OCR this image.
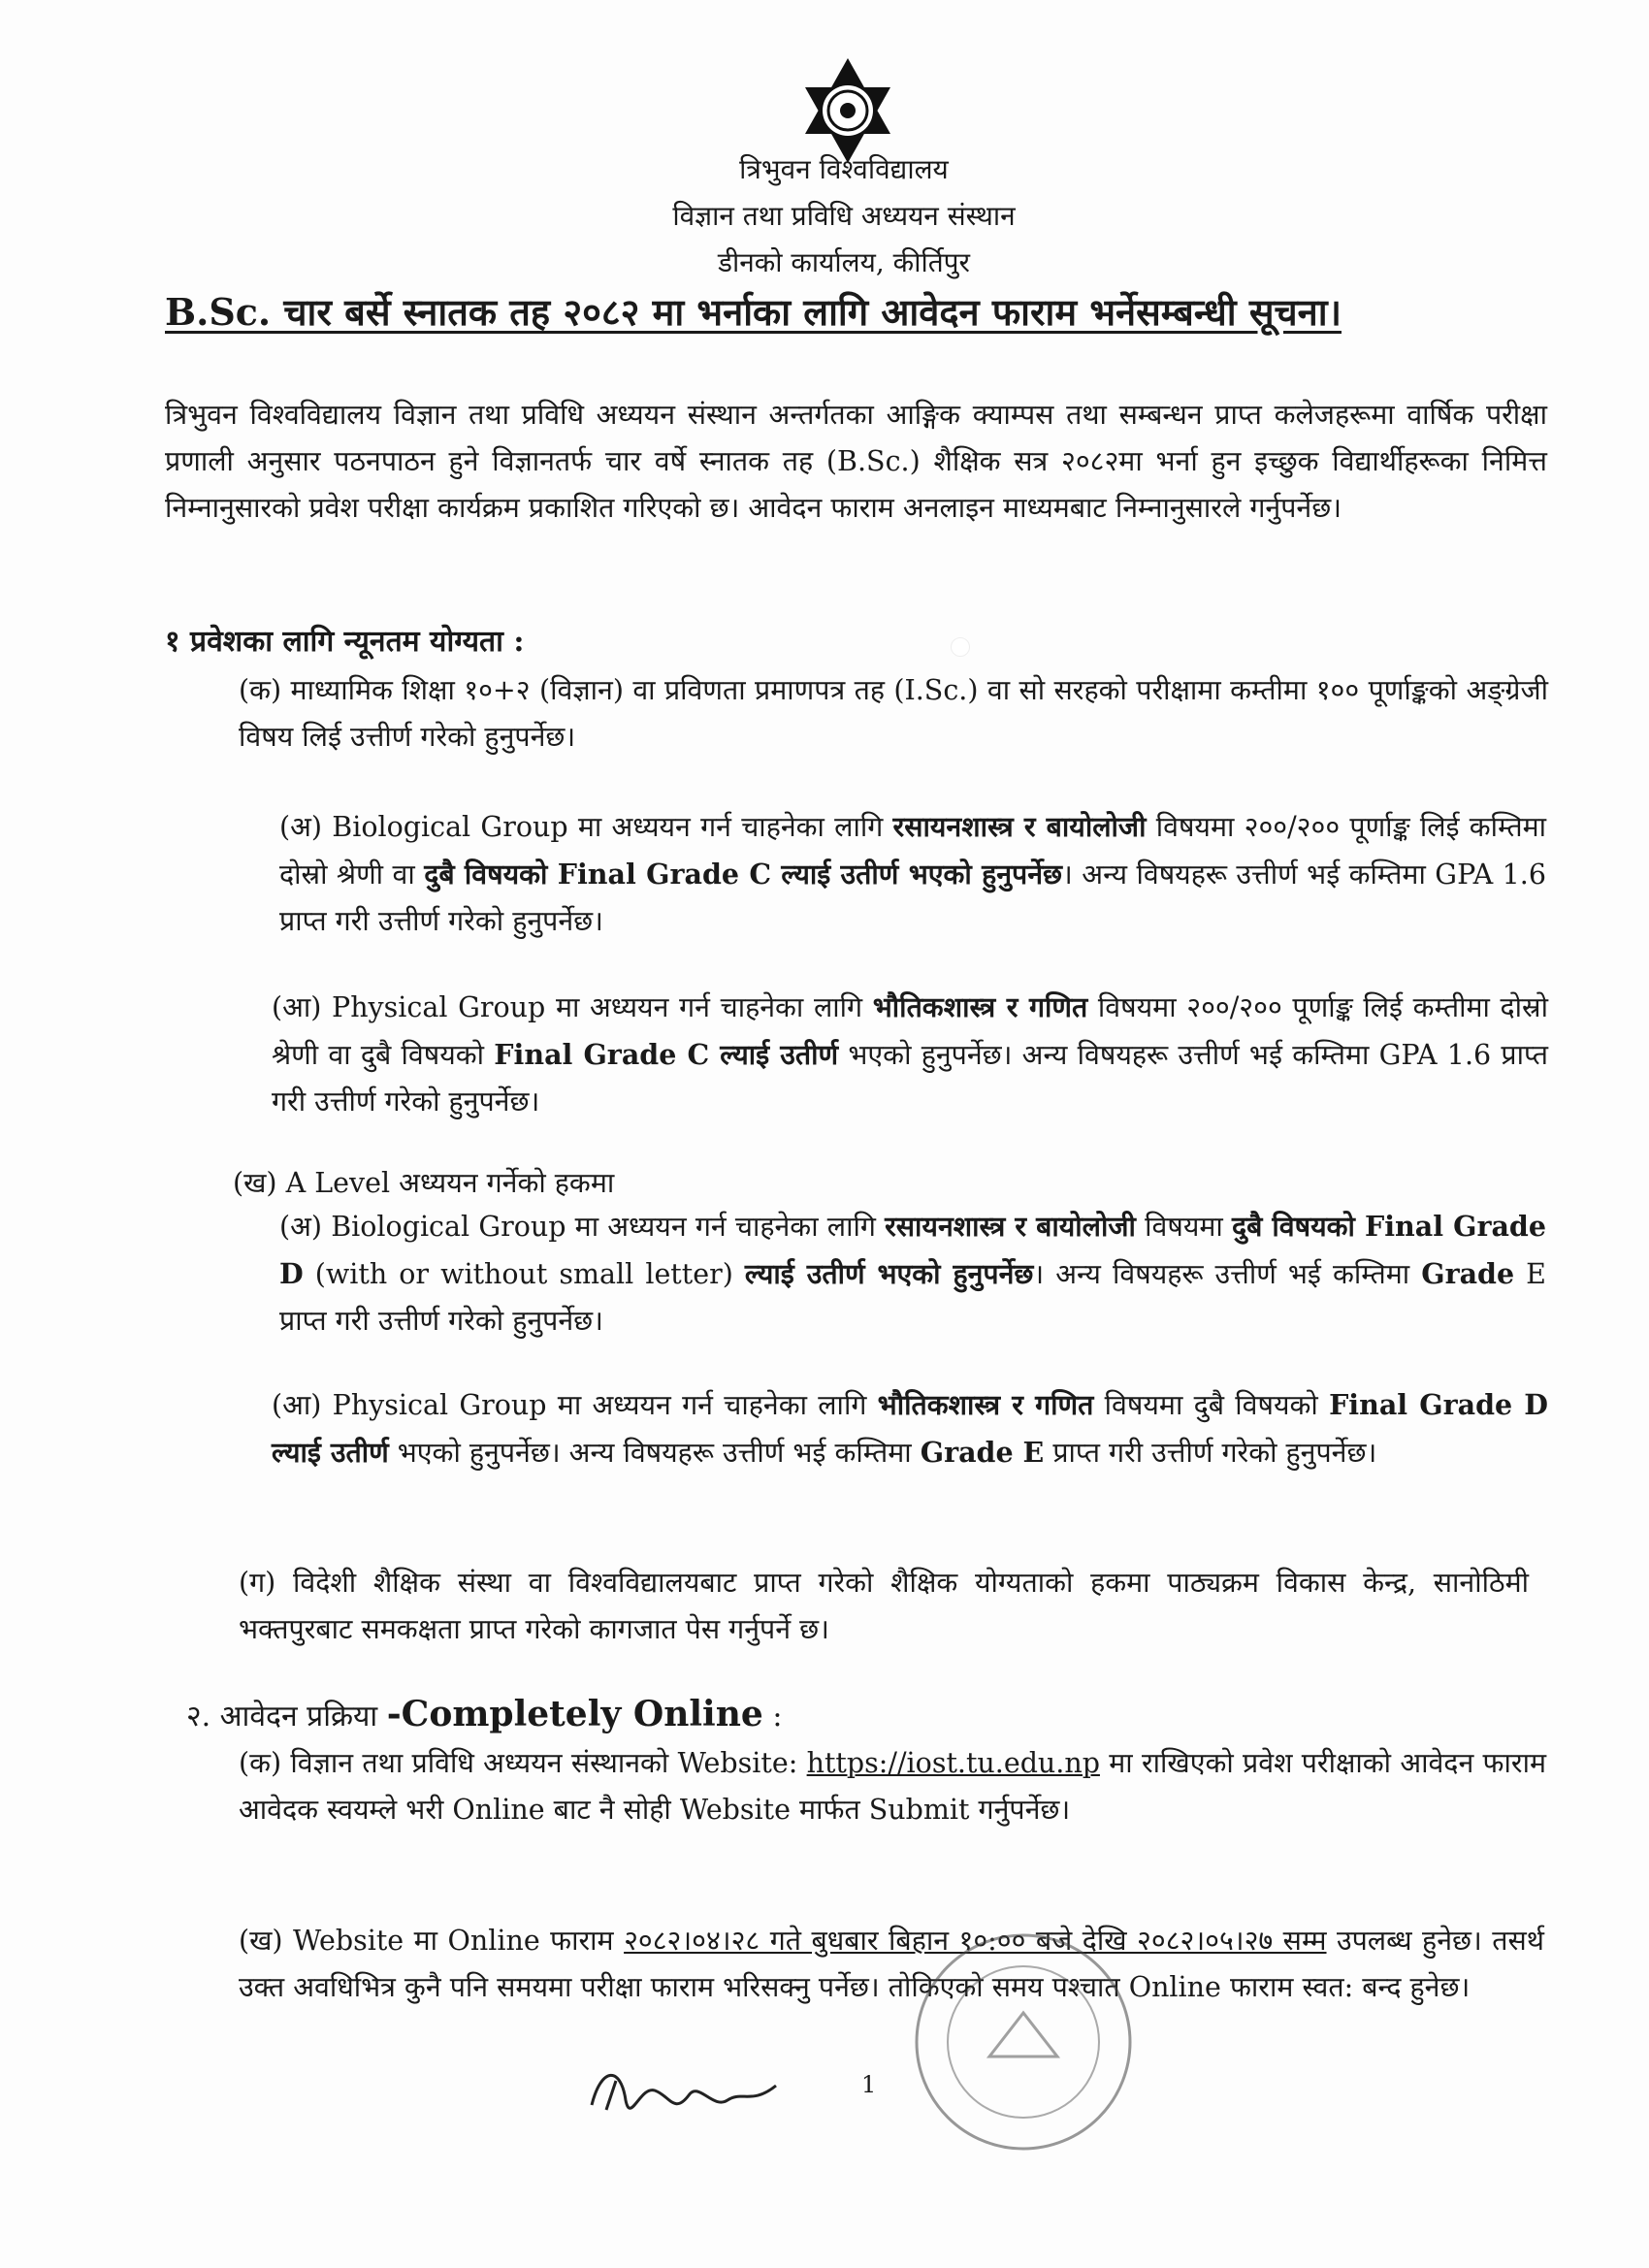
त्रिभुवन विश्वविद्यालय
विज्ञान तथा प्रविधि अध्ययन संस्थान
डीनको कार्यालय, कीर्तिपुर
B.Sc. चार बर्से स्नातक तह २०८२ मा भर्नाका लागि आवेदन फाराम भर्नेसम्बन्धी सूचना।
त्रिभुवन विश्वविद्यालय विज्ञान तथा प्रविधि अध्ययन संस्थान अन्तर्गतका आङ्गिक क्याम्पस तथा सम्बन्धन प्राप्त कलेजहरूमा वार्षिक परीक्षा प्रणाली अनुसार पठनपाठन हुने विज्ञानतर्फ चार वर्षे स्नातक तह (B.Sc.) शैक्षिक सत्र २०८२मा भर्ना हुन इच्छुक विद्यार्थीहरूका निमित्त निम्नानुसारको प्रवेश परीक्षा कार्यक्रम प्रकाशित गरिएको छ। आवेदन फाराम अनलाइन माध्यमबाट निम्नानुसारले गर्नुपर्नेछ।
१ प्रवेशका लागि न्यूनतम योग्यता :
(क) माध्यामिक शिक्षा १०+२ (विज्ञान) वा प्रविणता प्रमाणपत्र तह (I.Sc.) वा सो सरहको परीक्षामा कम्तीमा १०० पूर्णाङ्कको अङ्ग्रेजी विषय लिई उत्तीर्ण गरेको हुनुपर्नेछ।
(अ) Biological Group मा अध्ययन गर्न चाहनेका लागि रसायनशास्त्र र बायोलोजी विषयमा २००/२०० पूर्णाङ्क लिई कम्तिमा दोस्रो श्रेणी वा दुबै विषयको Final Grade C ल्याई उतीर्ण भएको हुनुपर्नेछ। अन्य विषयहरू उत्तीर्ण भई कम्तिमा GPA 1.6 प्राप्त गरी उत्तीर्ण गरेको हुनुपर्नेछ।
(आ) Physical Group मा अध्ययन गर्न चाहनेका लागि भौतिकशास्त्र र गणित विषयमा २००/२०० पूर्णाङ्क लिई कम्तीमा दोस्रो श्रेणी वा दुबै विषयको Final Grade C ल्याई उतीर्ण भएको हुनुपर्नेछ। अन्य विषयहरू उत्तीर्ण भई कम्तिमा GPA 1.6 प्राप्त गरी उत्तीर्ण गरेको हुनुपर्नेछ।
(ख) A Level अध्ययन गर्नेको हकमा
(अ) Biological Group मा अध्ययन गर्न चाहनेका लागि रसायनशास्त्र र बायोलोजी विषयमा दुबै विषयको Final Grade D (with or without small letter) ल्याई उतीर्ण भएको हुनुपर्नेछ। अन्य विषयहरू उत्तीर्ण भई कम्तिमा Grade E प्राप्त गरी उत्तीर्ण गरेको हुनुपर्नेछ।
(आ) Physical Group मा अध्ययन गर्न चाहनेका लागि भौतिकशास्त्र र गणित विषयमा दुबै विषयको Final Grade D ल्याई उतीर्ण भएको हुनुपर्नेछ। अन्य विषयहरू उत्तीर्ण भई कम्तिमा Grade E प्राप्त गरी उत्तीर्ण गरेको हुनुपर्नेछ।
(ग) विदेशी शैक्षिक संस्था वा विश्वविद्यालयबाट प्राप्त गरेको शैक्षिक योग्यताको हकमा पाठ्यक्रम विकास केन्द्र, सानोठिमी भक्तपुरबाट समकक्षता प्राप्त गरेको कागजात पेस गर्नुपर्ने छ।
२. आवेदन प्रक्रिया -Completely Online :
(क) विज्ञान तथा प्रविधि अध्ययन संस्थानको Website: https://iost.tu.edu.np मा राखिएको प्रवेश परीक्षाको आवेदन फाराम आवेदक स्वयम्ले भरी Online बाट नै सोही Website मार्फत Submit गर्नुपर्नेछ।
(ख) Website मा Online फाराम २०८२।०४।२८ गते बुधबार बिहान १०:०० बजे देखि २०८२।०५।२७ सम्म उपलब्ध हुनेछ। तसर्थ उक्त अवधिभित्र कुनै पनि समयमा परीक्षा फाराम भरिसक्नु पर्नेछ। तोकिएको समय पश्चात Online फाराम स्वत: बन्द हुनेछ।
1
